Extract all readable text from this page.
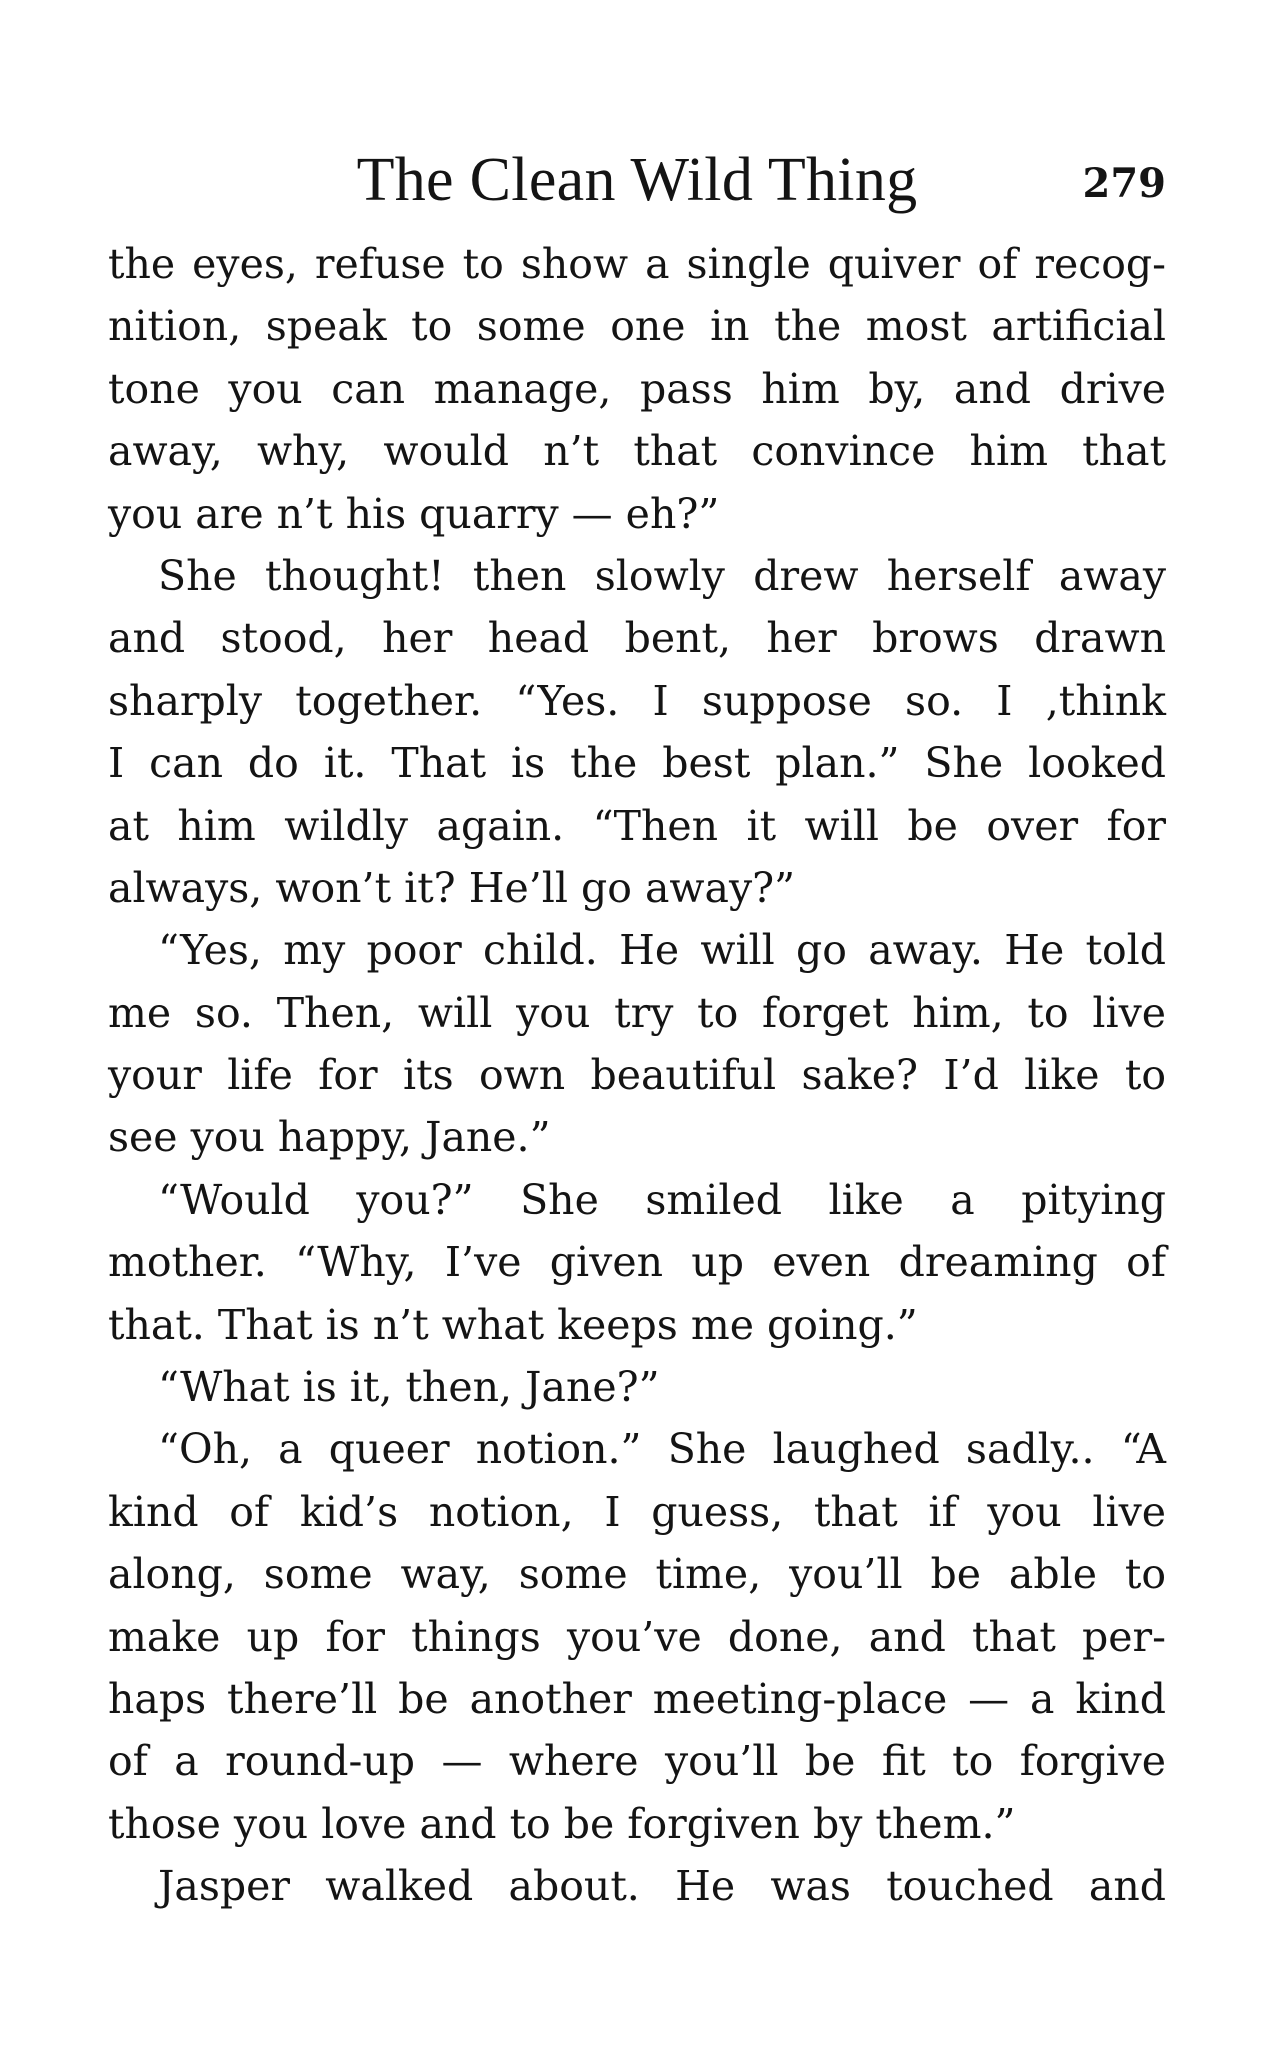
The Clean Wild Thing	279
the eyes, refuse to show a single quiver of recog-
nition, speak to some one in the most artificial
tone you can manage, pass him by, and drive
away, why, would n’t that convince him that
you are n’t his quarry — eh?”
She thought! then slowly drew herself away
and stood, her head bent, her brows drawn
sharply together. “Yes. I suppose so. I ,think
I can do it. That is the best plan.” She looked
at him wildly again. “Then it will be over for
always, won’t it? He’ll go away?”
“Yes, my poor child. He will go away. He told
me so. Then, will you try to forget him, to live
your life for its own beautiful sake? I’d like to
see you happy, Jane.”
“Would you?” She smiled like a pitying
mother. “Why, I’ve given up even dreaming of
that. That is n’t what keeps me going.”
“What is it, then, Jane?”
“Oh, a queer notion.” She laughed sadly.. “A
kind of kid’s notion, I guess, that if you live
along, some way, some time, you’ll be able to
make up for things you’ve done, and that per-
haps there’ll be another meeting-place — a kind
of a round-up — where you’ll be fit to forgive
those you love and to be forgiven by them.”
Jasper walked about. He was touched and
